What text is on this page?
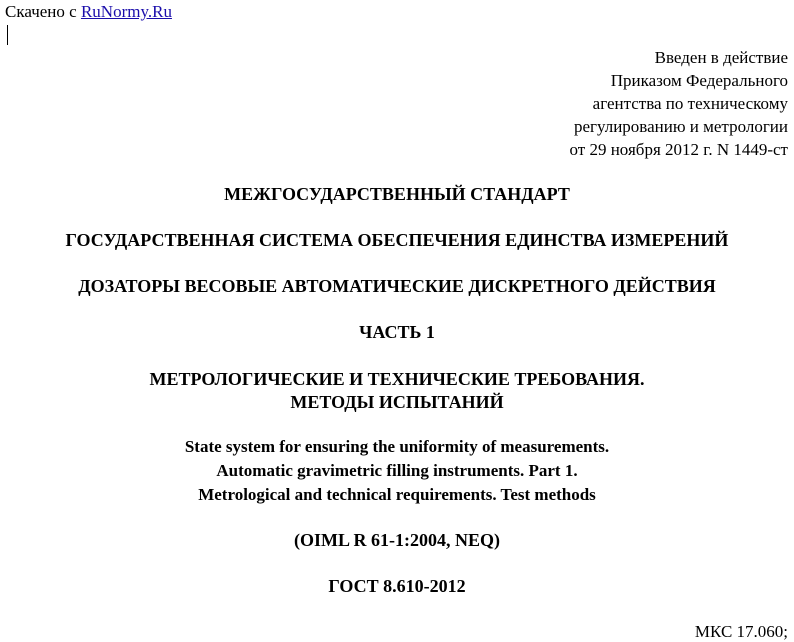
Скачено с RuNormy.Ru
Введен в действие
Приказом Федерального
агентства по техническому
регулированию и метрологии
от 29 ноября 2012 г. N 1449-ст
МЕЖГОСУДАРСТВЕННЫЙ СТАНДАРТ
ГОСУДАРСТВЕННАЯ СИСТЕМА ОБЕСПЕЧЕНИЯ ЕДИНСТВА ИЗМЕРЕНИЙ
ДОЗАТОРЫ ВЕСОВЫЕ АВТОМАТИЧЕСКИЕ ДИСКРЕТНОГО ДЕЙСТВИЯ
ЧАСТЬ 1
МЕТРОЛОГИЧЕСКИЕ И ТЕХНИЧЕСКИЕ ТРЕБОВАНИЯ.
МЕТОДЫ ИСПЫТАНИЙ
State system for ensuring the uniformity of measurements.
Automatic gravimetric filling instruments. Part 1.
Metrological and technical requirements. Test methods
(OIML R 61-1:2004, NEQ)
ГОСТ 8.610-2012
МКС 17.060;
